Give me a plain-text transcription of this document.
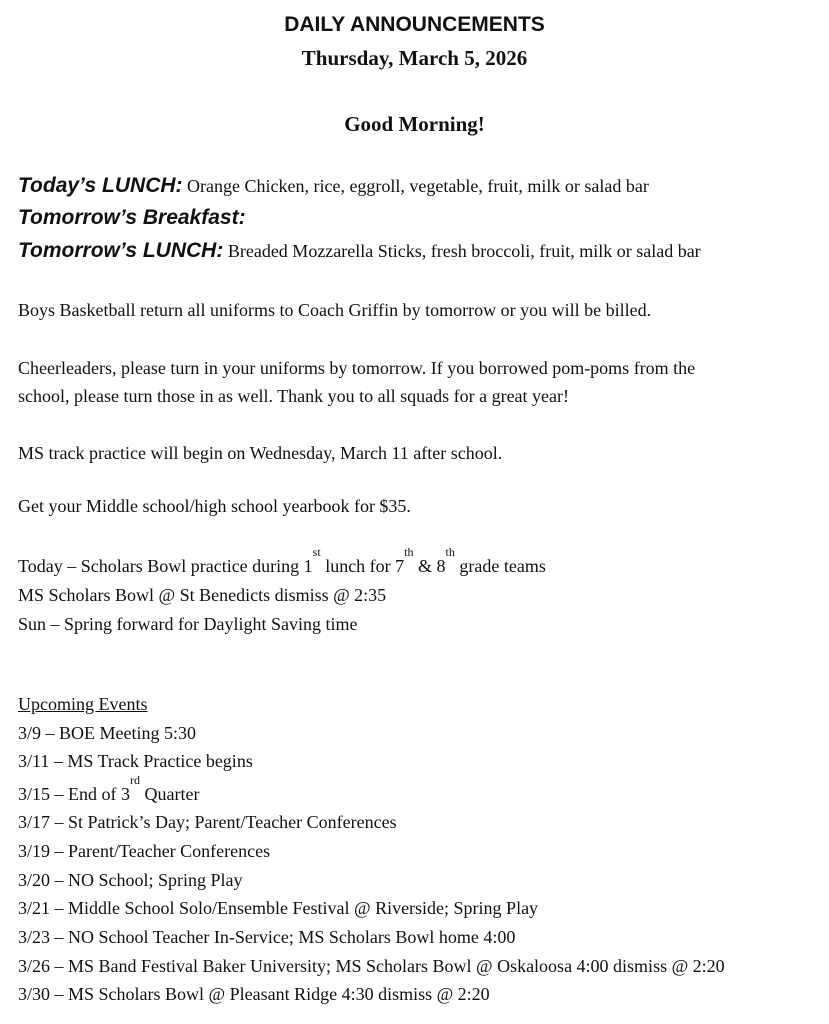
DAILY ANNOUNCEMENTS
Thursday, March 5, 2026
Good Morning!
Today’s LUNCH: Orange Chicken, rice, eggroll, vegetable, fruit, milk or salad bar
Tomorrow’s Breakfast:
Tomorrow’s LUNCH: Breaded Mozzarella Sticks, fresh broccoli, fruit, milk or salad bar
Boys Basketball return all uniforms to Coach Griffin by tomorrow or you will be billed.
Cheerleaders, please turn in your uniforms by tomorrow. If you borrowed pom-poms from the
school, please turn those in as well. Thank you to all squads for a great year!
MS track practice will begin on Wednesday, March 11 after school.
Get your Middle school/high school yearbook for $35.
Today – Scholars Bowl practice during 1st lunch for 7th & 8th grade teams
MS Scholars Bowl @ St Benedicts dismiss @ 2:35
Sun – Spring forward for Daylight Saving time
Upcoming Events
3/9 – BOE Meeting 5:30
3/11 – MS Track Practice begins
3/15 – End of 3rd Quarter
3/17 – St Patrick’s Day; Parent/Teacher Conferences
3/19 – Parent/Teacher Conferences
3/20 – NO School; Spring Play
3/21 – Middle School Solo/Ensemble Festival @ Riverside; Spring Play
3/23 – NO School Teacher In-Service; MS Scholars Bowl home 4:00
3/26 – MS Band Festival Baker University; MS Scholars Bowl @ Oskaloosa 4:00 dismiss @ 2:20
3/30 – MS Scholars Bowl @ Pleasant Ridge 4:30 dismiss @ 2:20
